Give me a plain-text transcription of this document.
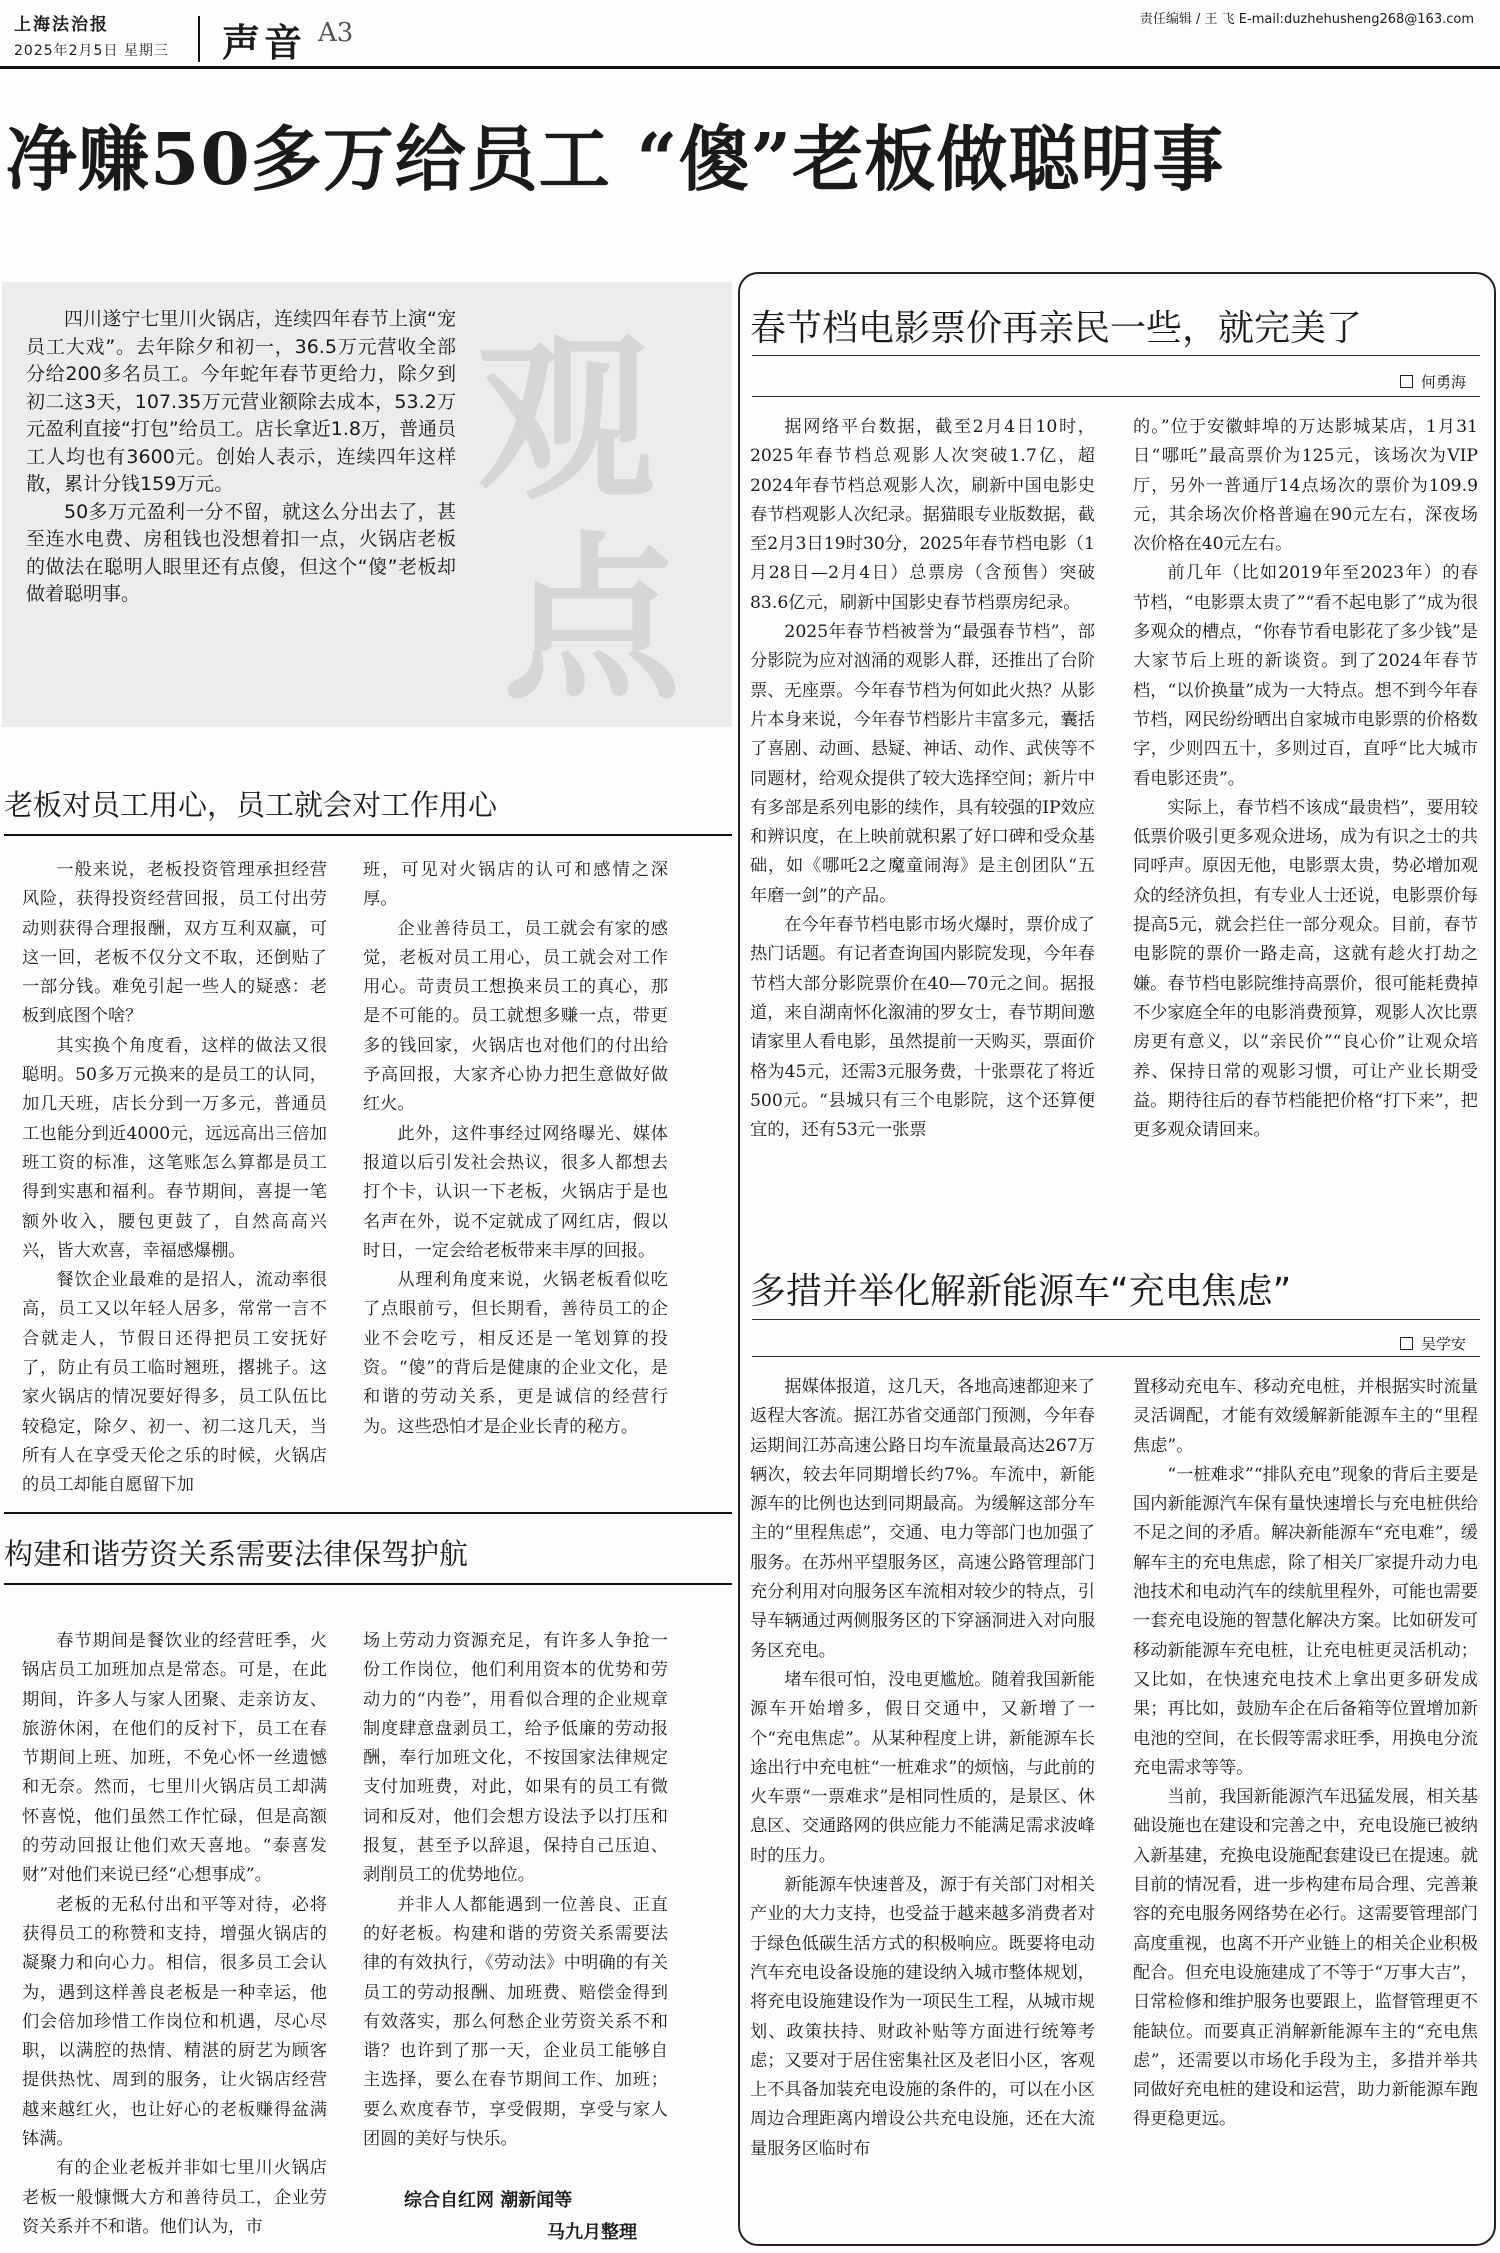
上海法治报
2025年2月5日 星期三 声音 A3	责任编辑 / 王 飞 E-mail:duzhehusheng268@163.com
净赚50多万给员工 “傻”老板做聪明事

四川遂宁七里川火锅店，连续四年春节上演“宠员工大戏”。去年除夕和初一，36.5万元营收全部分给200多名员工。今年蛇年春节更给力，除夕到初二这3天，107.35万元营业额除去成本，53.2万元盈利直接“打包”给员工。店长拿近1.8万，普通员工人均也有3600元。创始人表示，连续四年这样散，累计分钱159万元。

50多万元盈利一分不留，就这么分出去了，甚至连水电费、房租钱也没想着扣一点，火锅店老板的做法在聪明人眼里还有点傻，但这个“傻”老板却做着聪明事。

观
点
老板对员工用心，员工就会对工作用心

一般来说，老板投资管理承担经营风险，获得投资经营回报，员工付出劳动则获得合理报酬，双方互利双赢，可这一回，老板不仅分文不取，还倒贴了一部分钱。难免引起一些人的疑惑：老板到底图个啥？

其实换个角度看，这样的做法又很聪明。50多万元换来的是员工的认同，加几天班，店长分到一万多元，普通员工也能分到近4000元，远远高出三倍加班工资的标准，这笔账怎么算都是员工得到实惠和福利。春节期间，喜提一笔额外收入，腰包更鼓了，自然高高兴兴，皆大欢喜，幸福感爆棚。

餐饮企业最难的是招人，流动率很高，员工又以年轻人居多，常常一言不合就走人，节假日还得把员工安抚好了，防止有员工临时翘班，撂挑子。这家火锅店的情况要好得多，员工队伍比较稳定，除夕、初一、初二这几天，当所有人在享受天伦之乐的时候，火锅店的员工却能自愿留下加

班，可见对火锅店的认可和感情之深厚。

企业善待员工，员工就会有家的感觉，老板对员工用心，员工就会对工作用心。苛责员工想换来员工的真心，那是不可能的。员工就想多赚一点，带更多的钱回家，火锅店也对他们的付出给予高回报，大家齐心协力把生意做好做红火。

此外，这件事经过网络曝光、媒体报道以后引发社会热议，很多人都想去打个卡，认识一下老板，火锅店于是也名声在外，说不定就成了网红店，假以时日，一定会给老板带来丰厚的回报。

从理利角度来说，火锅老板看似吃了点眼前亏，但长期看，善待员工的企业不会吃亏，相反还是一笔划算的投资。“傻”的背后是健康的企业文化，是和谐的劳动关系，更是诚信的经营行为。这些恐怕才是企业长青的秘方。

构建和谐劳资关系需要法律保驾护航

春节期间是餐饮业的经营旺季，火锅店员工加班加点是常态。可是，在此期间，许多人与家人团聚、走亲访友、旅游休闲，在他们的反衬下，员工在春节期间上班、加班，不免心怀一丝遗憾和无奈。然而，七里川火锅店员工却满怀喜悦，他们虽然工作忙碌，但是高额的劳动回报让他们欢天喜地。“泰喜发财”对他们来说已经“心想事成”。

老板的无私付出和平等对待，必将获得员工的称赞和支持，增强火锅店的凝聚力和向心力。相信，很多员工会认为，遇到这样善良老板是一种幸运，他们会倍加珍惜工作岗位和机遇，尽心尽职，以满腔的热情、精湛的厨艺为顾客提供热忱、周到的服务，让火锅店经营越来越红火，也让好心的老板赚得盆满钵满。

有的企业老板并非如七里川火锅店老板一般慷慨大方和善待员工，企业劳资关系并不和谐。他们认为，市

场上劳动力资源充足，有许多人争抢一份工作岗位，他们利用资本的优势和劳动力的“内卷”，用看似合理的企业规章制度肆意盘剥员工，给予低廉的劳动报酬，奉行加班文化，不按国家法律规定支付加班费，对此，如果有的员工有微词和反对，他们会想方设法予以打压和报复，甚至予以辞退，保持自己压迫、剥削员工的优势地位。

并非人人都能遇到一位善良、正直的好老板。构建和谐的劳资关系需要法律的有效执行，《劳动法》中明确的有关员工的劳动报酬、加班费、赔偿金得到有效落实，那么何愁企业劳资关系不和谐？也许到了那一天，企业员工能够自主选择，要么在春节期间工作、加班；要么欢度春节，享受假期，享受与家人团圆的美好与快乐。

综合自红网 潮新闻等
马九月整理
春节档电影票价再亲民一些，就完美了
何勇海

据网络平台数据，截至2月4日10时，2025年春节档总观影人次突破1.7亿，超2024年春节档总观影人次，刷新中国电影史春节档观影人次纪录。据猫眼专业版数据，截至2月3日19时30分，2025年春节档电影（1月28日—2月4日）总票房（含预售）突破83.6亿元，刷新中国影史春节档票房纪录。

2025年春节档被誉为“最强春节档”，部分影院为应对汹涌的观影人群，还推出了台阶票、无座票。今年春节档为何如此火热？从影片本身来说，今年春节档影片丰富多元，囊括了喜剧、动画、悬疑、神话、动作、武侠等不同题材，给观众提供了较大选择空间；新片中有多部是系列电影的续作，具有较强的IP效应和辨识度，在上映前就积累了好口碑和受众基础，如《哪吒2之魔童闹海》是主创团队“五年磨一剑”的产品。

在今年春节档电影市场火爆时，票价成了热门话题。有记者查询国内影院发现，今年春节档大部分影院票价在40—70元之间。据报道，来自湖南怀化溆浦的罗女士，春节期间邀请家里人看电影，虽然提前一天购买，票面价格为45元，还需3元服务费，十张票花了将近500元。“县城只有三个电影院，这个还算便宜的，还有53元一张票

的。”位于安徽蚌埠的万达影城某店，1月31日“哪吒”最高票价为125元，该场次为VIP厅，另外一普通厅14点场次的票价为109.9元，其余场次价格普遍在90元左右，深夜场次价格在40元左右。

前几年（比如2019年至2023年）的春节档，“电影票太贵了”“看不起电影了”成为很多观众的槽点，“你春节看电影花了多少钱”是大家节后上班的新谈资。到了2024年春节档，“以价换量”成为一大特点。想不到今年春节档，网民纷纷晒出自家城市电影票的价格数字，少则四五十，多则过百，直呼“比大城市看电影还贵”。

实际上，春节档不该成“最贵档”，要用较低票价吸引更多观众进场，成为有识之士的共同呼声。原因无他，电影票太贵，势必增加观众的经济负担，有专业人士还说，电影票价每提高5元，就会拦住一部分观众。目前，春节电影院的票价一路走高，这就有趁火打劫之嫌。春节档电影院维持高票价，很可能耗费掉不少家庭全年的电影消费预算，观影人次比票房更有意义，以“亲民价”“良心价”让观众培养、保持日常的观影习惯，可让产业长期受益。期待往后的春节档能把价格“打下来”，把更多观众请回来。

多措并举化解新能源车“充电焦虑”
吴学安

据媒体报道，这几天，各地高速都迎来了返程大客流。据江苏省交通部门预测，今年春运期间江苏高速公路日均车流量最高达267万辆次，较去年同期增长约7%。车流中，新能源车的比例也达到同期最高。为缓解这部分车主的“里程焦虑”，交通、电力等部门也加强了服务。在苏州平望服务区，高速公路管理部门充分利用对向服务区车流相对较少的特点，引导车辆通过两侧服务区的下穿涵洞进入对向服务区充电。

堵车很可怕，没电更尴尬。随着我国新能源车开始增多，假日交通中，又新增了一个“充电焦虑”。从某种程度上讲，新能源车长途出行中充电桩“一桩难求”的烦恼，与此前的火车票“一票难求”是相同性质的，是景区、休息区、交通路网的供应能力不能满足需求波峰时的压力。

新能源车快速普及，源于有关部门对相关产业的大力支持，也受益于越来越多消费者对于绿色低碳生活方式的积极响应。既要将电动汽车充电设备设施的建设纳入城市整体规划，将充电设施建设作为一项民生工程，从城市规划、政策扶持、财政补贴等方面进行统筹考虑；又要对于居住密集社区及老旧小区，客观上不具备加装充电设施的条件的，可以在小区周边合理距离内增设公共充电设施，还在大流量服务区临时布

置移动充电车、移动充电桩，并根据实时流量灵活调配，才能有效缓解新能源车主的“里程焦虑”。

“一桩难求”“排队充电”现象的背后主要是国内新能源汽车保有量快速增长与充电桩供给不足之间的矛盾。解决新能源车“充电难”，缓解车主的充电焦虑，除了相关厂家提升动力电池技术和电动汽车的续航里程外，可能也需要一套充电设施的智慧化解决方案。比如研发可移动新能源车充电桩，让充电桩更灵活机动；又比如，在快速充电技术上拿出更多研发成果；再比如，鼓励车企在后备箱等位置增加新电池的空间，在长假等需求旺季，用换电分流充电需求等等。

当前，我国新能源汽车迅猛发展，相关基础设施也在建设和完善之中，充电设施已被纳入新基建，充换电设施配套建设已在提速。就目前的情况看，进一步构建布局合理、完善兼容的充电服务网络势在必行。这需要管理部门高度重视，也离不开产业链上的相关企业积极配合。但充电设施建成了不等于“万事大吉”，日常检修和维护服务也要跟上，监督管理更不能缺位。而要真正消解新能源车主的“充电焦虑”，还需要以市场化手段为主，多措并举共同做好充电桩的建设和运营，助力新能源车跑得更稳更远。
